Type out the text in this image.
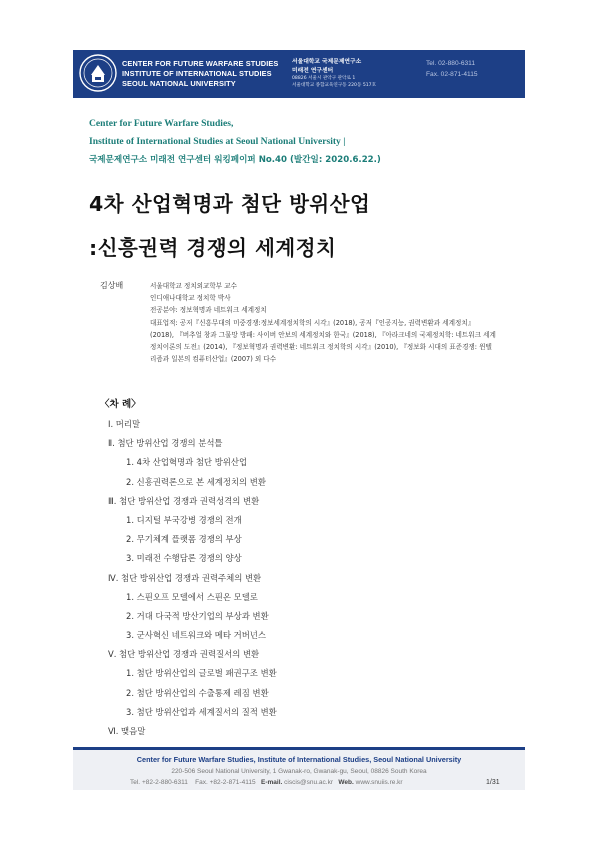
CENTER FOR FUTURE WARFARE STUDIES
INSTITUTE OF INTERNATIONAL STUDIES
SEOUL NATIONAL UNIVERSITY
서울대학교 국제문제연구소
미래전 연구센터
08826 서울시 관악구 관악로 1
서울대학교 종합교육연구동 220동 517호
Tel. 02-880-6311
Fax. 02-871-4115
Center for Future Warfare Studies,
Institute of International Studies at Seoul National University |
국제문제연구소 미래전 연구센터 워킹페이퍼 No.40 (발간일: 2020.6.22.)
4차 산업혁명과 첨단 방위산업
:신흥권력 경쟁의 세계정치
김상배	서울대학교 정치외교학부 교수
인디애나대학교 정치학 박사
전공분야: 정보혁명과 네트워크 세계정치
대표업적: 공저『신흥무대의 미중경쟁:정보세계정치학의 시각』(2018), 공저『인공지능, 권력변환과 세계정치』(2018), 『버추얼 창과 그물망 방패: 사이버 안보의 세계정치와 한국』(2018), 『아라크네의 국제정치학: 네트워크 세계정치이론의 도전』(2014), 『정보혁명과 권력변환: 네트워크 정치학의 시각』(2010), 『정보화 시대의 표준경쟁: 윈텔리즘과 일본의 컴퓨터산업』(2007) 외 다수
〈차 례〉
Ⅰ. 머리말
Ⅱ. 첨단 방위산업 경쟁의 분석틀
1. 4차 산업혁명과 첨단 방위산업
2. 신흥권력론으로 본 세계정치의 변환
Ⅲ. 첨단 방위산업 경쟁과 권력성격의 변환
1. 디지털 부국강병 경쟁의 전개
2. 무기체계 플랫폼 경쟁의 부상
3. 미래전 수행담론 경쟁의 양상
Ⅳ. 첨단 방위산업 경쟁과 권력주체의 변환
1. 스핀오프 모델에서 스핀온 모델로
2. 거대 다국적 방산기업의 부상과 변환
3. 군사혁신 네트워크와 메타 거버넌스
Ⅴ. 첨단 방위산업 경쟁과 권력질서의 변환
1. 첨단 방위산업의 글로벌 패권구조 변환
2. 첨단 방위산업의 수출통제 레짐 변환
3. 첨단 방위산업과 세계질서의 질적 변환
Ⅵ. 맺음말
Center for Future Warfare Studies, Institute of International Studies, Seoul National University
220-506 Seoul National University, 1 Gwanak-ro, Gwanak-gu, Seoul, 08826 South Korea
Tel. +82-2-880-6311 Fax. +82-2-871-4115 E-mail. ciscis@snu.ac.kr Web. www.snuiis.re.kr	1/31
